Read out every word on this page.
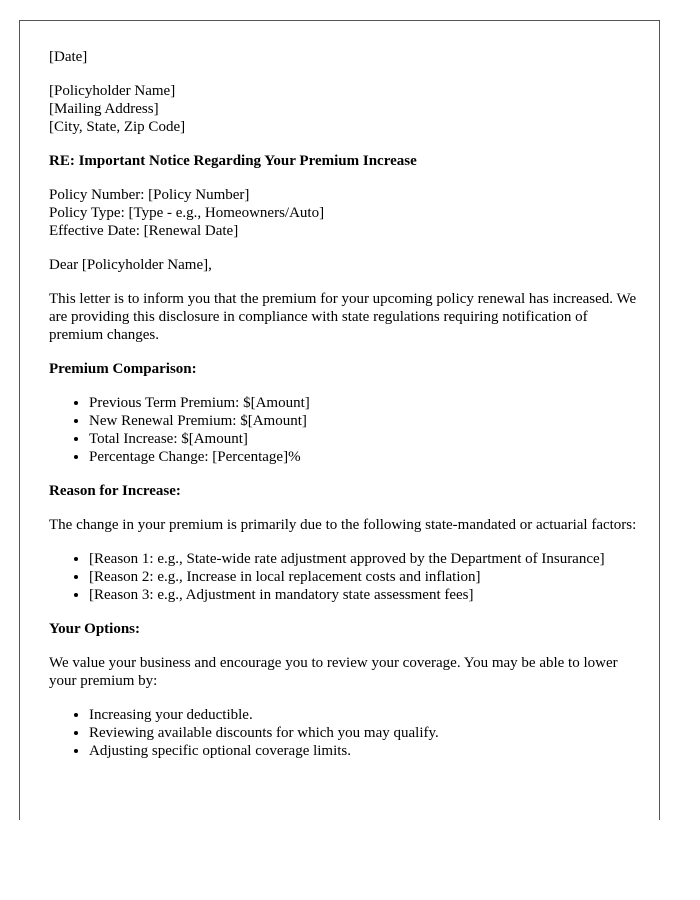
[Date]

[Policyholder Name]
[Mailing Address]
[City, State, Zip Code]

RE: Important Notice Regarding Your Premium Increase

Policy Number: [Policy Number]
Policy Type: [Type - e.g., Homeowners/Auto]
Effective Date: [Renewal Date]

Dear [Policyholder Name],

This letter is to inform you that the premium for your upcoming policy renewal has increased. We are providing this disclosure in compliance with state regulations requiring notification of premium changes.

Premium Comparison:

• Previous Term Premium: $[Amount]
• New Renewal Premium: $[Amount]
• Total Increase: $[Amount]
• Percentage Change: [Percentage]%

Reason for Increase:

The change in your premium is primarily due to the following state-mandated or actuarial factors:

• [Reason 1: e.g., State-wide rate adjustment approved by the Department of Insurance]
• [Reason 2: e.g., Increase in local replacement costs and inflation]
• [Reason 3: e.g., Adjustment in mandatory state assessment fees]

Your Options:

We value your business and encourage you to review your coverage. You may be able to lower your premium by:

• Increasing your deductible.
• Reviewing available discounts for which you may qualify.
• Adjusting specific optional coverage limits.
